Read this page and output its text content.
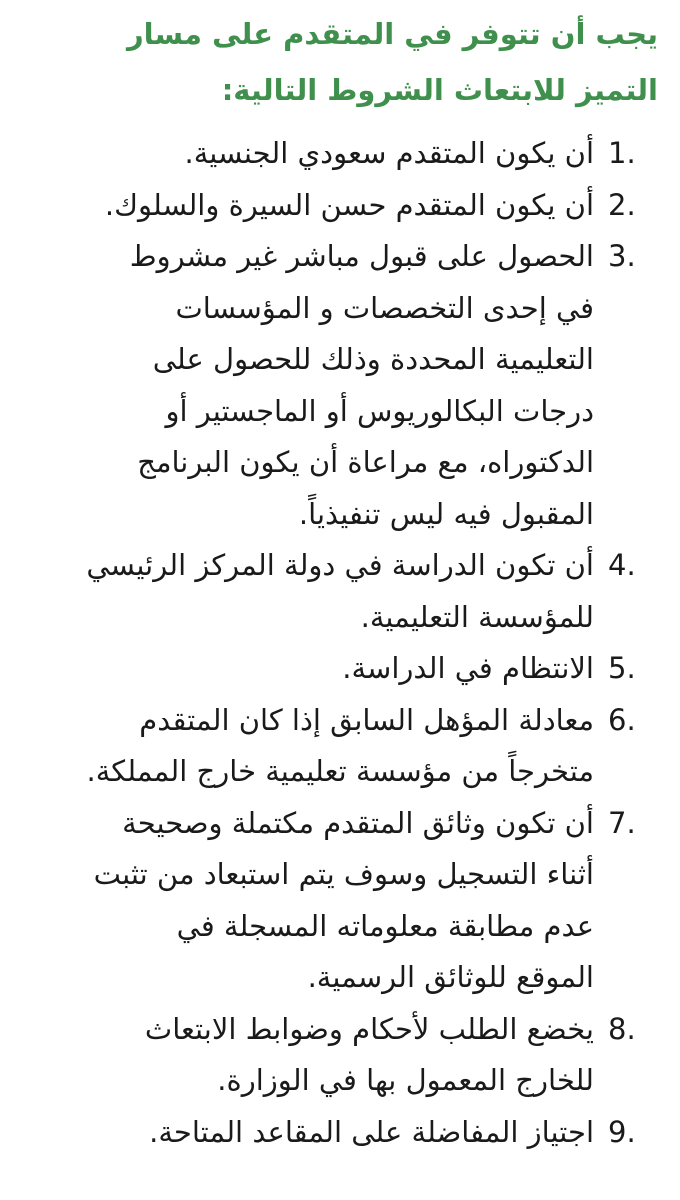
يجب أن تتوفر في المتقدم على مسار
التميز للابتعاث الشروط التالية:
1.
أن يكون المتقدم سعودي الجنسية.
2.
أن يكون المتقدم حسن السيرة والسلوك.
3.
الحصول على قبول مباشر غير مشروط
في إحدى التخصصات و المؤسسات
التعليمية المحددة وذلك للحصول على
درجات البكالوريوس أو الماجستير أو
الدكتوراه، مع مراعاة أن يكون البرنامج
المقبول فيه ليس تنفيذياً.
4.
أن تكون الدراسة في دولة المركز الرئيسي
للمؤسسة التعليمية.
5.
الانتظام في الدراسة.
6.
معادلة المؤهل السابق إذا كان المتقدم
متخرجاً من مؤسسة تعليمية خارج المملكة.
7.
أن تكون وثائق المتقدم مكتملة وصحيحة
أثناء التسجيل وسوف يتم استبعاد من تثبت
عدم مطابقة معلوماته المسجلة في
الموقع للوثائق الرسمية.
8.
يخضع الطلب لأحكام وضوابط الابتعاث
للخارج المعمول بها في الوزارة.
9.
اجتياز المفاضلة على المقاعد المتاحة.
